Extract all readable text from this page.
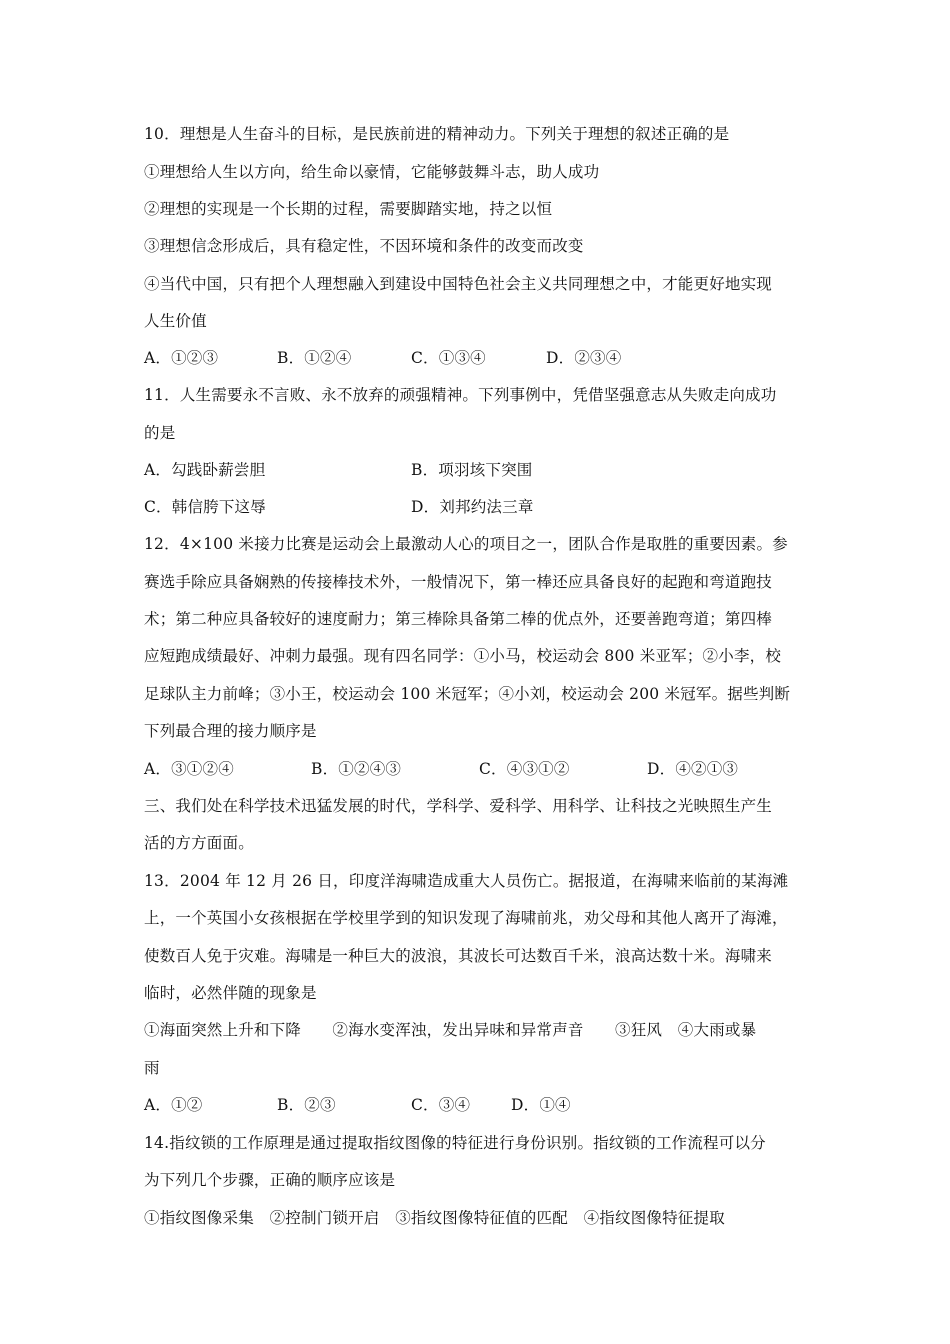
10．理想是人生奋斗的目标，是民族前进的精神动力。下列关于理想的叙述正确的是
①理想给人生以方向，给生命以豪情，它能够鼓舞斗志，助人成功
②理想的实现是一个长期的过程，需要脚踏实地，持之以恒
③理想信念形成后，具有稳定性，不因环境和条件的改变而改变
④当代中国，只有把个人理想融入到建设中国特色社会主义共同理想之中，才能更好地实现
人生价值
A．①②③	B．①②④	C．①③④	D．②③④
11．人生需要永不言败、永不放弃的顽强精神。下列事例中，凭借坚强意志从失败走向成功
的是
A．勾践卧薪尝胆	B．项羽垓下突围
C．韩信胯下这辱	D．刘邦约法三章
12．4×100 米接力比赛是运动会上最激动人心的项目之一，团队合作是取胜的重要因素。参
赛选手除应具备娴熟的传接棒技术外，一般情况下，第一棒还应具备良好的起跑和弯道跑技
术；第二种应具备较好的速度耐力；第三棒除具备第二棒的优点外，还要善跑弯道；第四棒
应短跑成绩最好、冲刺力最强。现有四名同学：①小马，校运动会 800 米亚军；②小李，校
足球队主力前峰；③小王，校运动会 100 米冠军；④小刘，校运动会 200 米冠军。据些判断
下列最合理的接力顺序是
A．③①②④	B．①②④③	C．④③①②	D．④②①③
三、我们处在科学技术迅猛发展的时代，学科学、爱科学、用科学、让科技之光映照生产生
活的方方面面。
13．2004 年 12 月 26 日，印度洋海啸造成重大人员伤亡。据报道，在海啸来临前的某海滩
上，一个英国小女孩根据在学校里学到的知识发现了海啸前兆，劝父母和其他人离开了海滩，
使数百人免于灾难。海啸是一种巨大的波浪，其波长可达数百千米，浪高达数十米。海啸来
临时，必然伴随的现象是
①海面突然上升和下降　　②海水变浑浊，发出异味和异常声音　　③狂风　④大雨或暴
雨
A．①②	B．②③	C．③④	D．①④
14.指纹锁的工作原理是通过提取指纹图像的特征进行身份识别。指纹锁的工作流程可以分
为下列几个步骤，正确的顺序应该是
①指纹图像采集　②控制门锁开启　③指纹图像特征值的匹配　④指纹图像特征提取
